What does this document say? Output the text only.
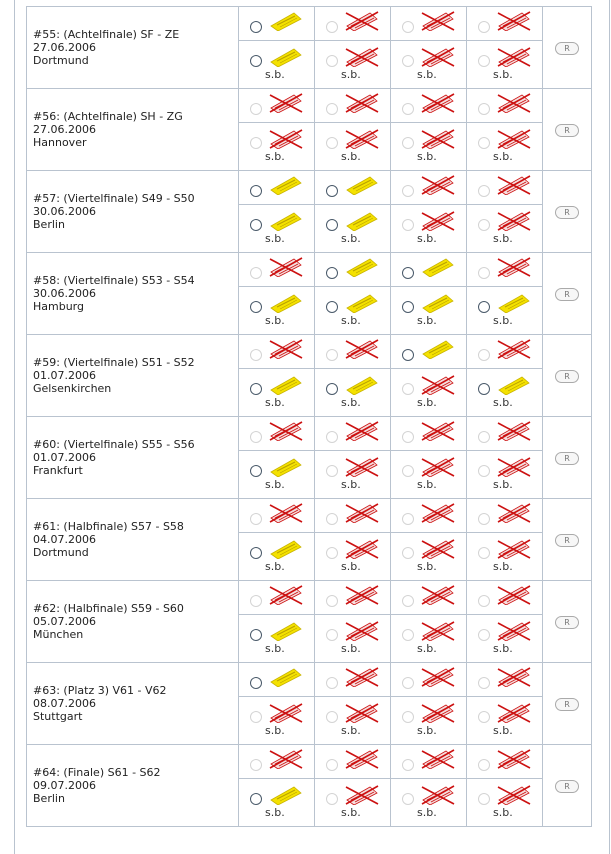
#55: (Achtelfinale) SF - ZE
27.06.2006
Dortmund					R

	s.b.	s.b.	s.b.	s.b.	

#56: (Achtelfinale) SH - ZG
27.06.2006
Hannover					R

	s.b.	s.b.	s.b.	s.b.	

#57: (Viertelfinale) S49 - S50
30.06.2006
Berlin					R

	s.b.	s.b.	s.b.	s.b.	

#58: (Viertelfinale) S53 - S54
30.06.2006
Hamburg					R

	s.b.	s.b.	s.b.	s.b.	

#59: (Viertelfinale) S51 - S52
01.07.2006
Gelsenkirchen					R

	s.b.	s.b.	s.b.	s.b.	

#60: (Viertelfinale) S55 - S56
01.07.2006
Frankfurt					R

	s.b.	s.b.	s.b.	s.b.	

#61: (Halbfinale) S57 - S58
04.07.2006
Dortmund					R

	s.b.	s.b.	s.b.	s.b.	

#62: (Halbfinale) S59 - S60
05.07.2006
München					R

	s.b.	s.b.	s.b.	s.b.	

#63: (Platz 3) V61 - V62
08.07.2006
Stuttgart					R

	s.b.	s.b.	s.b.	s.b.	

#64: (Finale) S61 - S62
09.07.2006
Berlin					R

	s.b.	s.b.	s.b.	s.b.	
